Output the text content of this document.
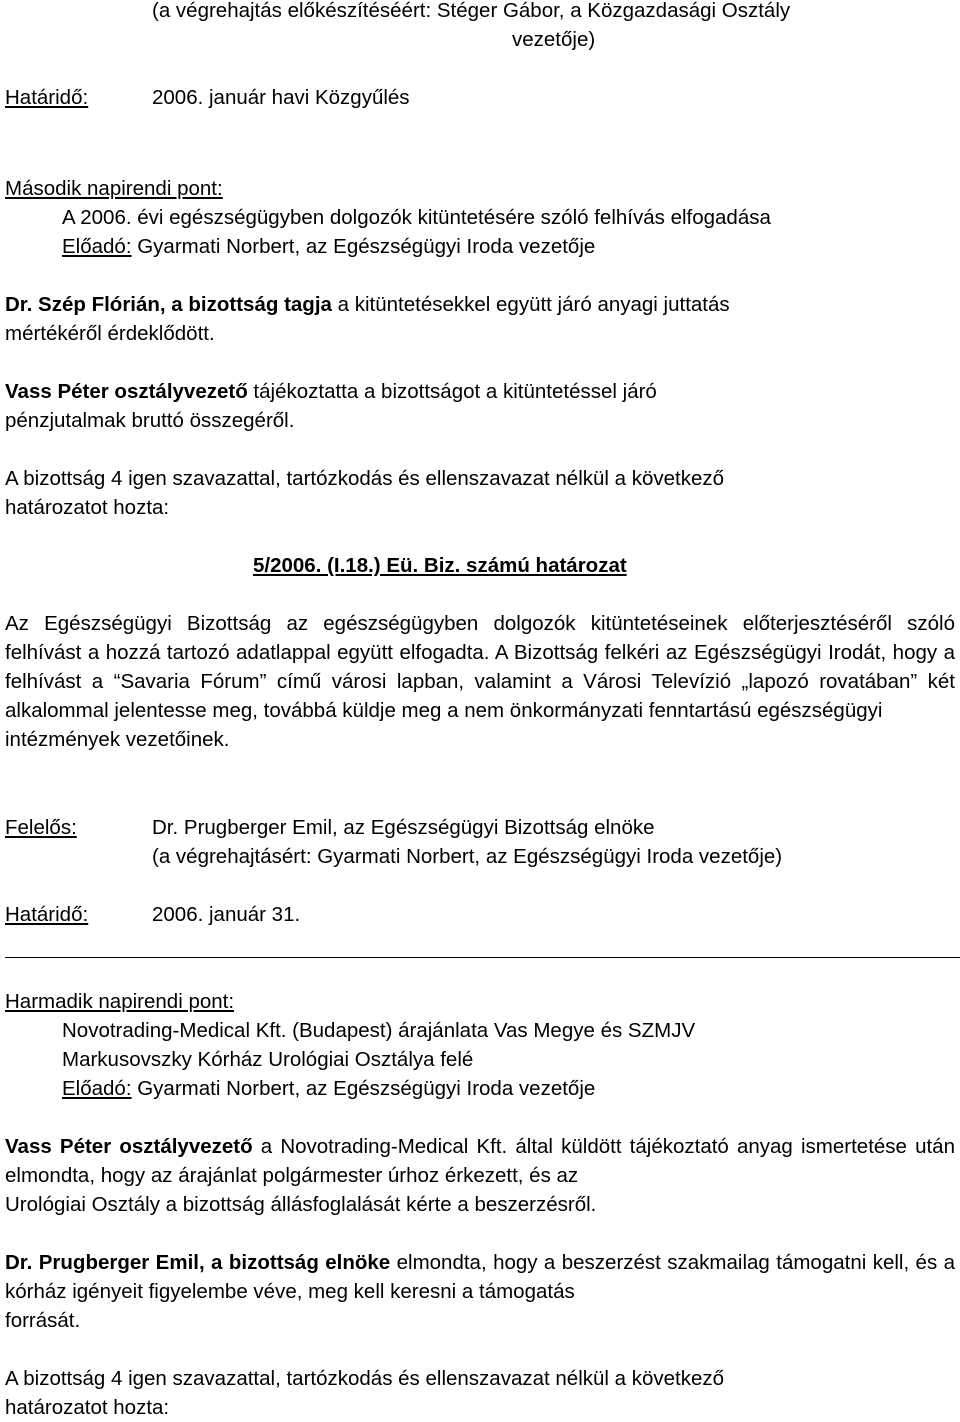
(a végrehajtás előkészítéséért: Stéger Gábor, a Közgazdasági Osztály
vezetője)
Határidő:	2006. január havi Közgyűlés
Második napirendi pont:
A 2006. évi egészségügyben dolgozók kitüntetésére szóló felhívás elfogadása
Előadó: Gyarmati Norbert, az Egészségügyi Iroda vezetője
Dr. Szép Flórián, a bizottság tagja a kitüntetésekkel együtt járó anyagi juttatás
mértékéről érdeklődött.
Vass Péter osztályvezető tájékoztatta a bizottságot a kitüntetéssel járó
pénzjutalmak bruttó összegéről.
A bizottság 4 igen szavazattal, tartózkodás és ellenszavazat nélkül a következő
határozatot hozta:
5/2006. (I.18.) Eü. Biz. számú határozat
Az Egészségügyi Bizottság az egészségügyben dolgozók kitüntetéseinek előterjesztéséről szóló felhívást a hozzá tartozó adatlappal együtt elfogadta. A Bizottság felkéri az Egészségügyi Irodát, hogy a felhívást a “Savaria Fórum” című városi lapban, valamint a Városi Televízió „lapozó rovatában” két alkalommal jelentesse meg, továbbá küldje meg a nem önkormányzati fenntartású egészségügyi
intézmények vezetőinek.
Felelős:	Dr. Prugberger Emil, az Egészségügyi Bizottság elnöke
(a végrehajtásért: Gyarmati Norbert, az Egészségügyi Iroda vezetője)
Határidő:	2006. január 31.
Harmadik napirendi pont:
Novotrading-Medical Kft. (Budapest) árajánlata Vas Megye és SZMJV
Markusovszky Kórház Urológiai Osztálya felé
Előadó: Gyarmati Norbert, az Egészségügyi Iroda vezetője
Vass Péter osztályvezető a Novotrading-Medical Kft. által küldött tájékoztató anyag ismertetése után elmondta, hogy az árajánlat polgármester úrhoz érkezett, és az
Urológiai Osztály a bizottság állásfoglalását kérte a beszerzésről.
Dr. Prugberger Emil, a bizottság elnöke elmondta, hogy a beszerzést szakmailag támogatni kell, és a kórház igényeit figyelembe véve, meg kell keresni a támogatás
forrását.
A bizottság 4 igen szavazattal, tartózkodás és ellenszavazat nélkül a következő
határozatot hozta:
